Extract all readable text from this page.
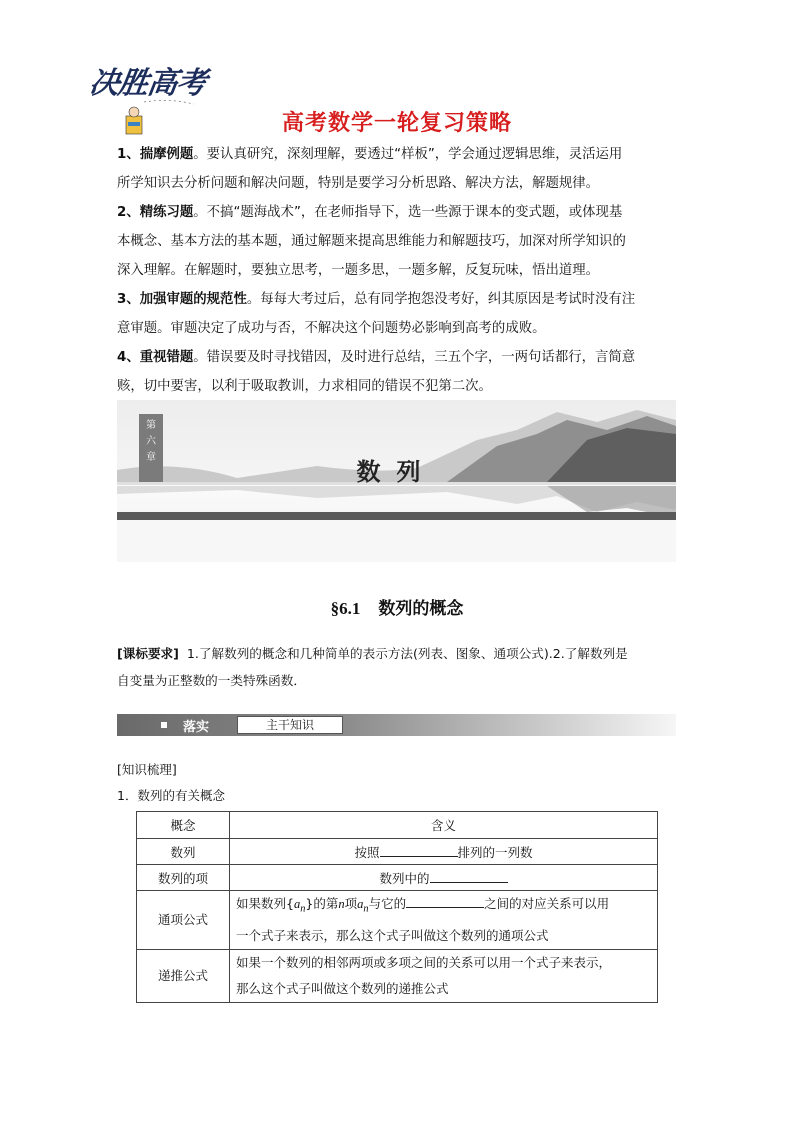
决胜高考
高考数学一轮复习策略
1、揣摩例题。要认真研究，深刻理解，要透过“样板”，学会通过逻辑思维，灵活运用
所学知识去分析问题和解决问题，特别是要学习分析思路、解决方法，解题规律。
2、精练习题。不搞“题海战术”，在老师指导下，选一些源于课本的变式题，或体现基
本概念、基本方法的基本题，通过解题来提高思维能力和解题技巧，加深对所学知识的
深入理解。在解题时，要独立思考，一题多思，一题多解，反复玩味，悟出道理。
3、加强审题的规范性。每每大考过后，总有同学抱怨没考好，纠其原因是考试时没有注
意审题。审题决定了成功与否，不解决这个问题势必影响到高考的成败。
4、重视错题。错误要及时寻找错因，及时进行总结，三五个字，一两句话都行，言简意
赅，切中要害，以利于吸取教训，力求相同的错误不犯第二次。
第
六
章
数列
§6.1 数列的概念
[课标要求] 1.了解数列的概念和几种简单的表示方法(列表、图象、通项公式).2.了解数列是
自变量为正整数的一类特殊函数．
落实	主干知识
[知识梳理]
1．数列的有关概念
概念	含义
数列	按照 排列的一列数
数列的项	数列中的
通项公式	如果数列$\{a_n\}$的第n项$a_n$与它的 之间的对应关系可以用
一个式子来表示，那么这个式子叫做这个数列的通项公式
递推公式	如果一个数列的相邻两项或多项之间的关系可以用一个式子来表示，
那么这个式子叫做这个数列的递推公式
